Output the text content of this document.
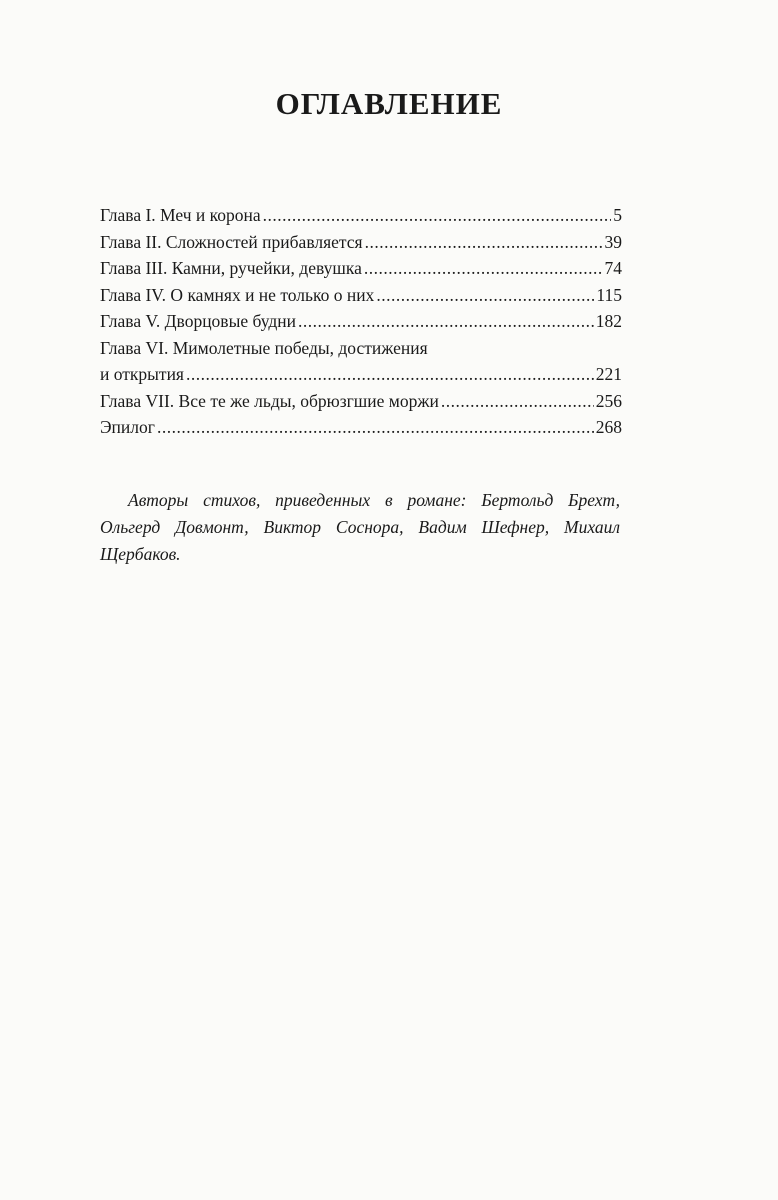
ОГЛАВЛЕНИЕ
Глава I. Меч и корона .....	5
Глава II. Сложностей прибавляется .....	39
Глава III. Камни, ручейки, девушка .....	74
Глава IV. О камнях и не только о них .....	115
Глава V. Дворцовые будни .....	182
Глава VI. Мимолетные победы, достижения
и открытия .....	221
Глава VII. Все те же льды, обрюзгшие моржи .....	256
Эпилог .....	268

Авторы стихов, приведенных в романе: Бертольд Брехт, Ольгерд Довмонт, Виктор Соснора, Вадим Шефнер, Михаил Щербаков.
